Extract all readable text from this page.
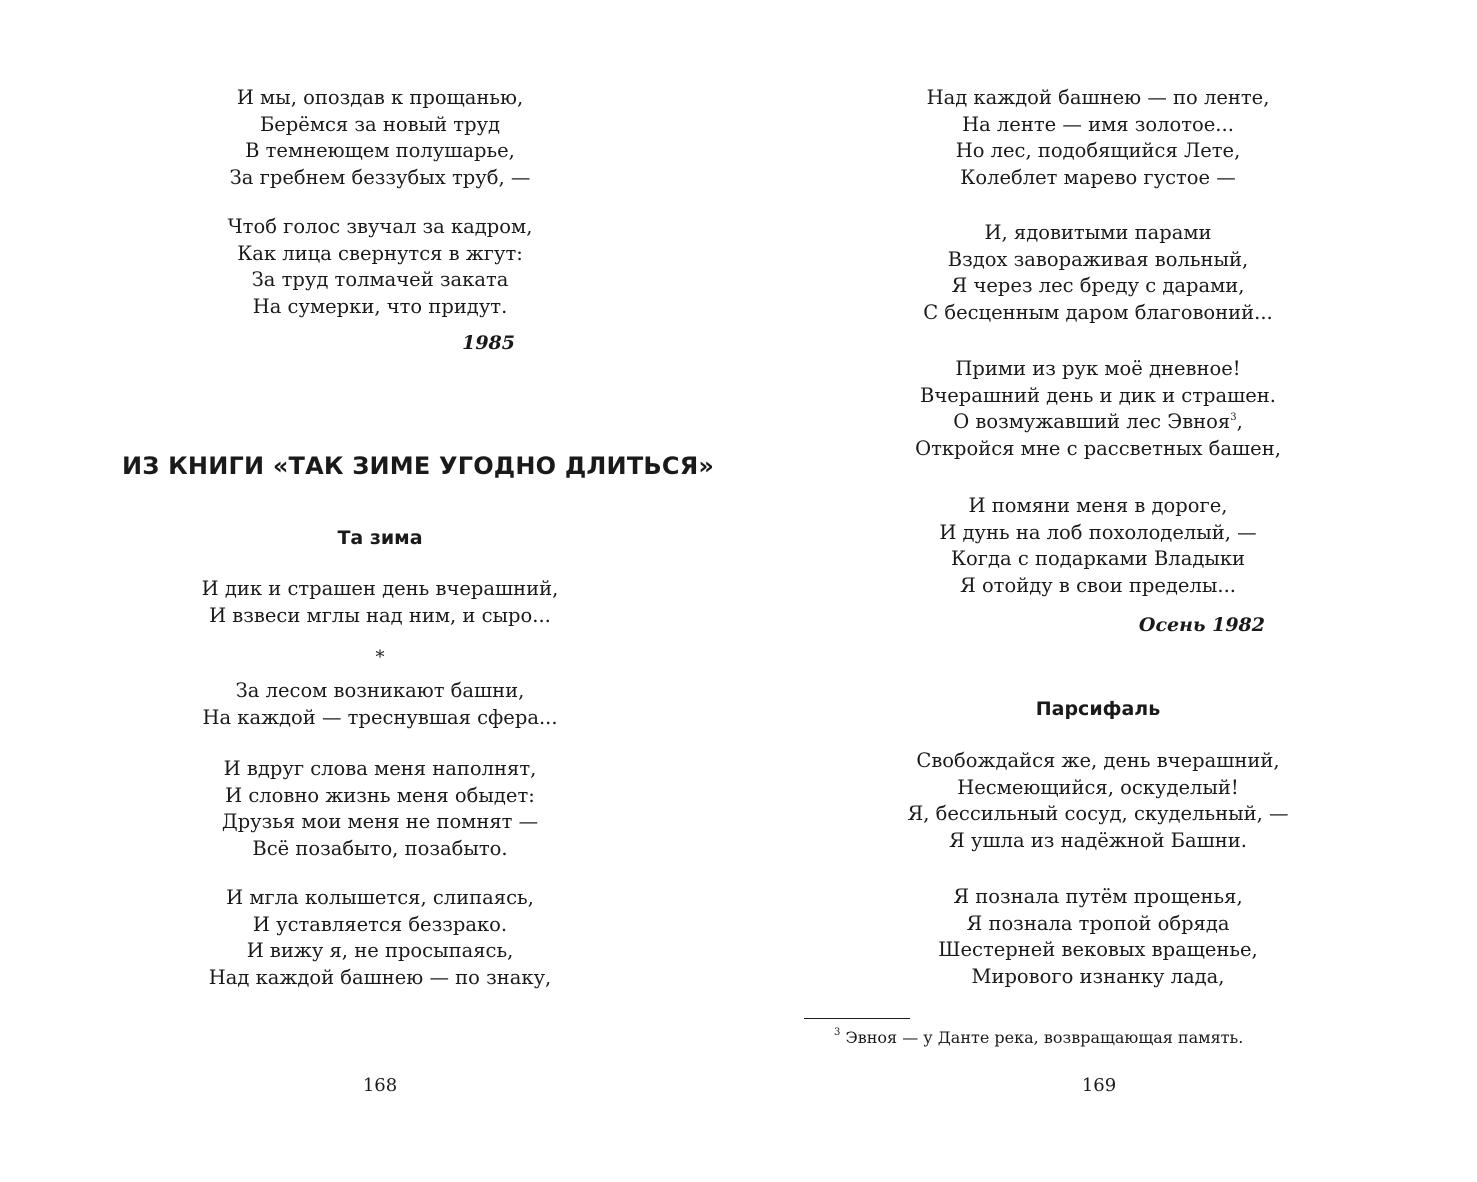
И мы, опоздав к прощанью,
Берёмся за новый труд
В темнеющем полушарье,
За гребнем беззубых труб, —
Чтоб голос звучал за кадром,
Как лица свернутся в жгут:
За труд толмачей заката
На сумерки, что придут.
1985
ИЗ КНИГИ «ТАК ЗИМЕ УГОДНО ДЛИТЬСЯ»
Та зима
И дик и страшен день вчерашний,
И взвеси мглы над ним, и сыро...
*
За лесом возникают башни,
На каждой — треснувшая сфера...
И вдруг слова меня наполнят,
И словно жизнь меня обыдет:
Друзья мои меня не помнят —
Всё позабыто, позабыто.
И мгла колышется, слипаясь,
И уставляется беззрако.
И вижу я, не просыпаясь,
Над каждой башнею — по знаку,
168
Над каждой башнею — по ленте,
На ленте — имя золотое...
Но лес, подобящийся Лете,
Колеблет марево густое —
И, ядовитыми парами
Вздох завораживая вольный,
Я через лес бреду с дарами,
С бесценным даром благовоний...
Прими из рук моё дневное!
Вчерашний день и дик и страшен.
О возмужавший лес Эвноя$^3$,
Откройся мне с рассветных башен,
И помяни меня в дороге,
И дунь на лоб похолоделый, —
Когда с подарками Владыки
Я отойду в свои пределы...
Осень 1982
Парсифаль
Свобождайся же, день вчерашний,
Несмеющийся, оскуделый!
Я, бессильный сосуд, скудельный, —
Я ушла из надёжной Башни.
Я познала путём прощенья,
Я познала тропой обряда
Шестерней вековых вращенье,
Мирового изнанку лада,
$^3$ Эвноя — у Данте река, возвращающая память.
169
